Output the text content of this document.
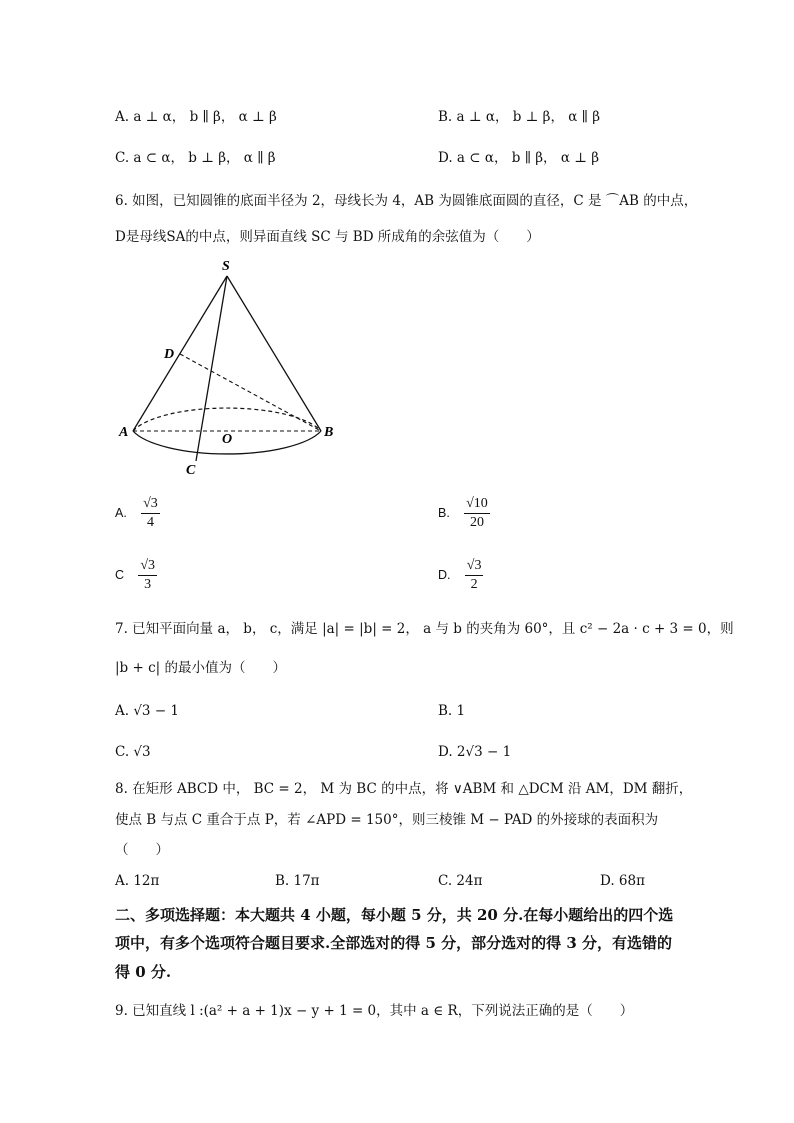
A. a ⊥ α， b ∥ β， α ⊥ β	B. a ⊥ α， b ⊥ β， α ∥ β
C. a ⊂ α， b ⊥ β， α ∥ β	D. a ⊂ α， b ∥ β， α ⊥ β
6. 如图，已知圆锥的底面半径为 2，母线长为 4，AB 为圆锥底面圆的直径，C 是 ⌒AB 的中点，
D是母线SA的中点，则异面直线 SC 与 BD 所成角的余弦值为（　　）
S
D
A	O	B
C
A. $\frac{√3}{4}$	B. $\frac{√10}{20}$
C $\frac{√3}{3}$	D. $\frac{√3}{2}$
7. 已知平面向量 a， b， c，满足 |a| = |b| = 2， a 与 b 的夹角为 60°，且 c² − 2a · c + 3 = 0，则
|b + c| 的最小值为（　　）
A. √3 − 1	B. 1
C. √3	D. 2√3 − 1
8. 在矩形 ABCD 中， BC = 2， M 为 BC 的中点，将 ∨ABM 和 △DCM 沿 AM，DM 翻折，
使点 B 与点 C 重合于点 P，若 ∠APD = 150°，则三棱锥 M − PAD 的外接球的表面积为
（　　）
A. 12π	B. 17π	C. 24π	D. 68π
二、多项选择题：本大题共 4 小题，每小题 5 分，共 20 分.在每小题给出的四个选
项中，有多个选项符合题目要求.全部选对的得 5 分，部分选对的得 3 分，有选错的
得 0 分.
9. 已知直线 l :(a² + a + 1)x − y + 1 = 0，其中 a ∈ R，下列说法正确的是（　　）
